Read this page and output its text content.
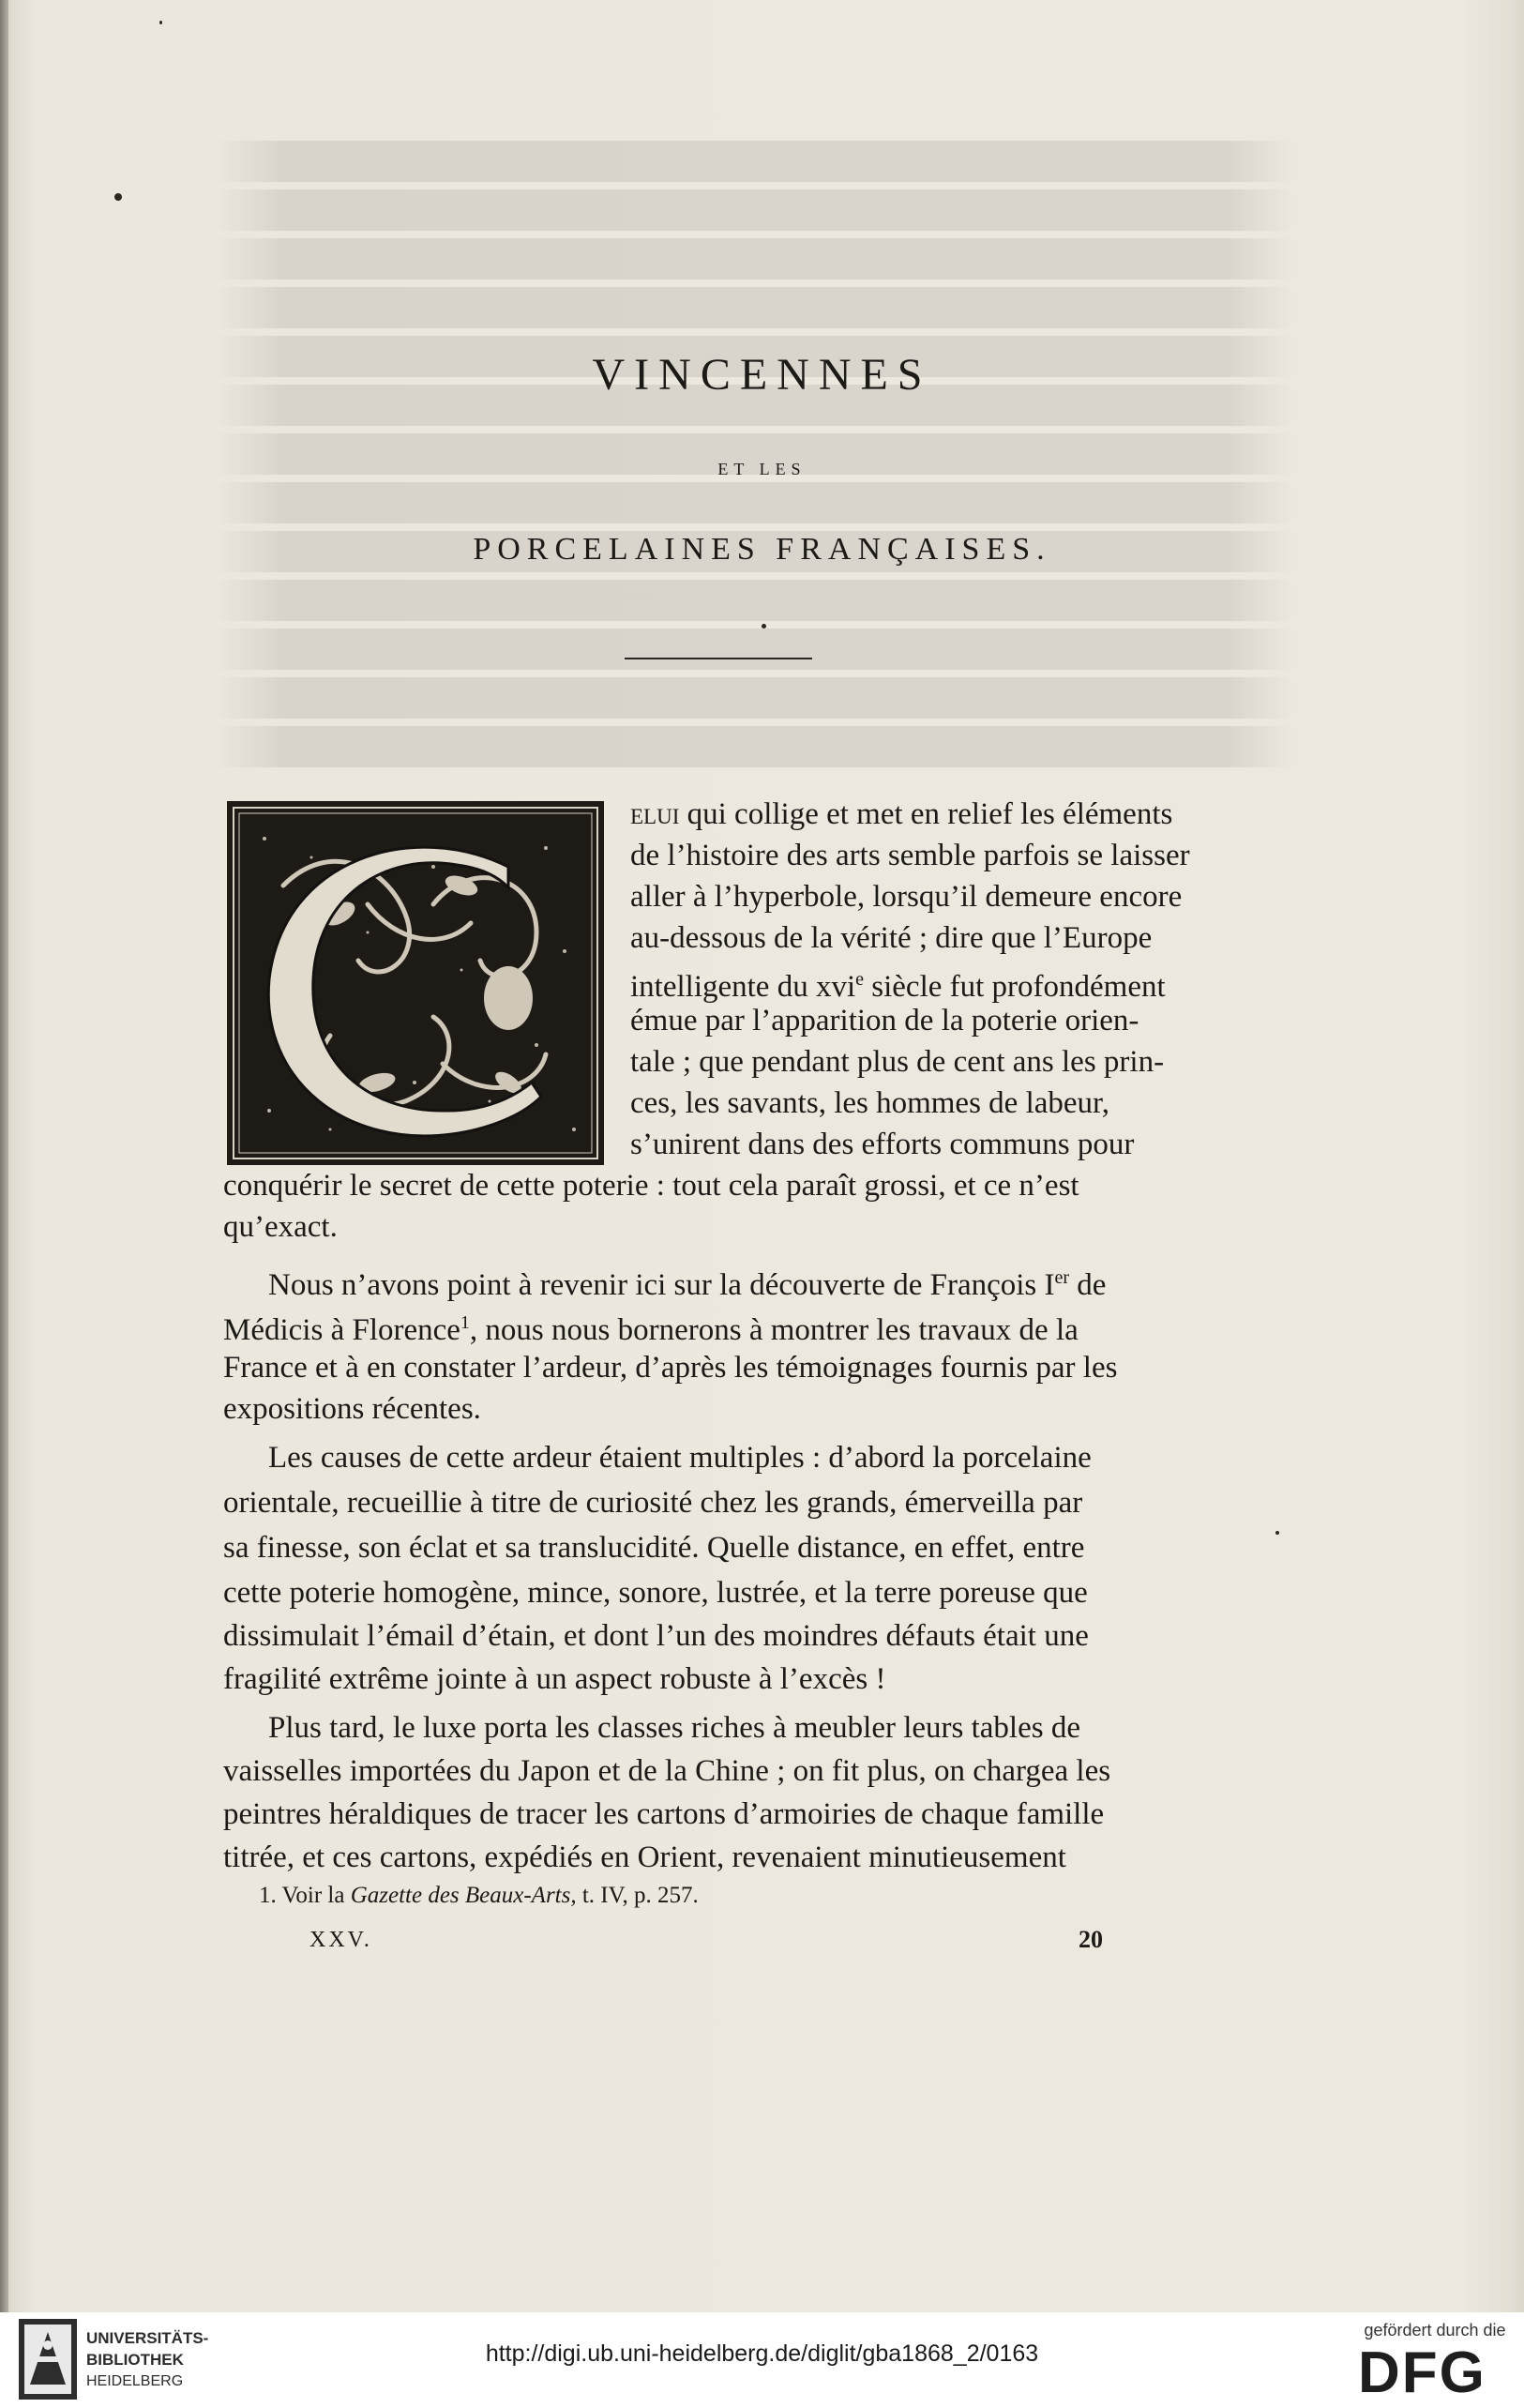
VINCENNES
ET LES
PORCELAINES FRANÇAISES.
elui qui collige et met en relief les éléments
de l’histoire des arts semble parfois se laisser
aller à l’hyperbole, lorsqu’il demeure encore
au-dessous de la vérité ; dire que l’Europe
intelligente du xvi$^e$ siècle fut profondément
émue par l’apparition de la poterie orien-
tale ; que pendant plus de cent ans les prin-
ces, les savants, les hommes de labeur,
s’unirent dans des efforts communs pour
conquérir le secret de cette poterie : tout cela paraît grossi, et ce n’est
qu’exact.
Nous n’avons point à revenir ici sur la découverte de François Ier de
Médicis à Florence$^1$, nous nous bornerons à montrer les travaux de la
France et à en constater l’ardeur, d’après les témoignages fournis par les
expositions récentes.
Les causes de cette ardeur étaient multiples : d’abord la porcelaine
orientale, recueillie à titre de curiosité chez les grands, émerveilla par
sa finesse, son éclat et sa translucidité. Quelle distance, en effet, entre
cette poterie homogène, mince, sonore, lustrée, et la terre poreuse que
dissimulait l’émail d’étain, et dont l’un des moindres défauts était une
fragilité extrême jointe à un aspect robuste à l’excès !
Plus tard, le luxe porta les classes riches à meubler leurs tables de
vaisselles importées du Japon et de la Chine ; on fit plus, on chargea les
peintres héraldiques de tracer les cartons d’armoiries de chaque famille
titrée, et ces cartons, expédiés en Orient, revenaient minutieusement
1. Voir la Gazette des Beaux-Arts, t. IV, p. 257.
XXV.	20
UNIVERSITÄTS-
BIBLIOTHEK
HEIDELBERG
http://digi.ub.uni-heidelberg.de/diglit/gba1868_2/0163
gefördert durch die
DFG
